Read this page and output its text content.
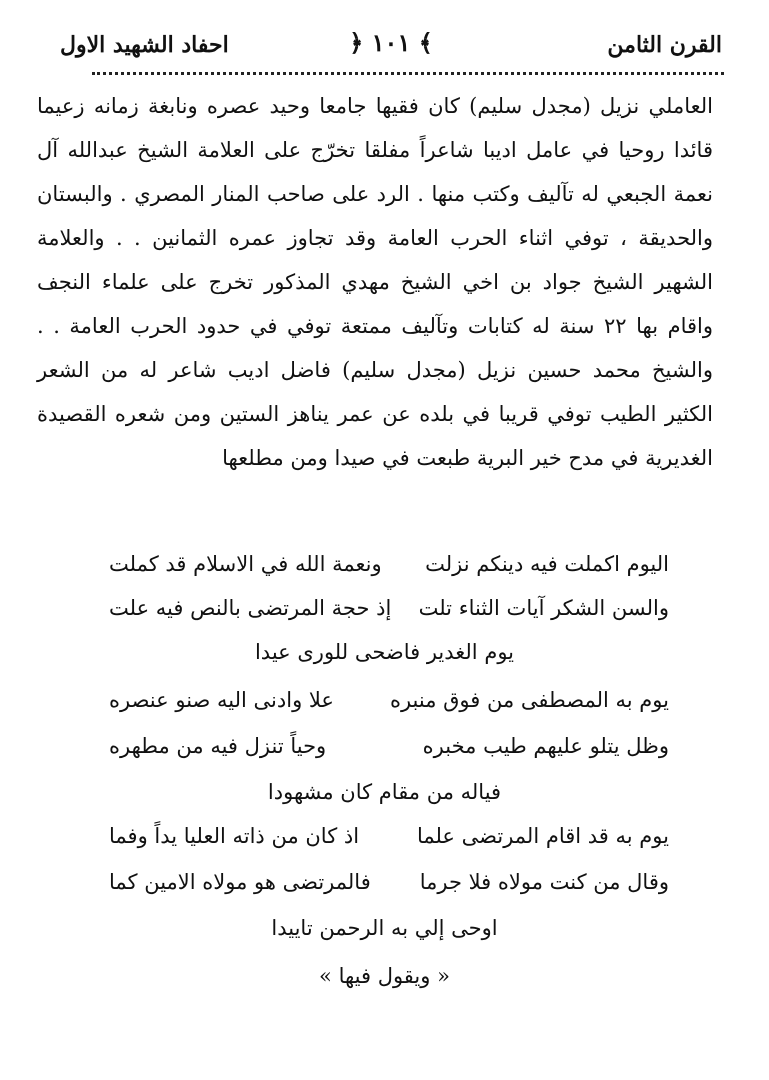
القرن الثامن
﴿ ١٠١ ﴾
احفاد الشهيد الاول

العاملي نزيل (مجدل سليم) كان فقيها جامعا وحيد عصره ونابغة زمانه زعيما قائدا روحيا في عامل اديبا شاعراً مفلقا تخرّج على العلامة الشيخ عبدالله آل نعمة الجبعي له تآليف وكتب منها . الرد على صاحب المنار المصري . والبستان والحديقة ، توفي اثناء الحرب العامة وقد تجاوز عمره الثمانين . . والعلامة الشهير الشيخ جواد بن اخي الشيخ مهدي المذكور تخرج على علماء النجف واقام بها ٢٢ سنة له كتابات وتآليف ممتعة توفي في حدود الحرب العامة . . والشيخ محمد حسين نزيل (مجدل سليم) فاضل اديب شاعر له من الشعر الكثير الطيب توفي قريبا في بلده عن عمر يناهز الستين ومن شعره القصيدة الغديرية في مدح خير البرية طبعت في صيدا ومن مطلعها

اليوم اكملت فيه دينكم نزلت
ونعمة الله في الاسلام قد كملت
والسن الشكر آيات الثناء تلت
إذ حجة المرتضى بالنص فيه علت
يوم الغدير فاضحى للورى عيدا
يوم به المصطفى من فوق منبره
علا وادنى اليه صنو عنصره
وظل يتلو عليهم طيب مخبره
وحياً تنزل فيه من مطهره
فياله من مقام كان مشهودا
يوم به قد اقام المرتضى علما
اذ كان من ذاته العليا يداً وفما
وقال من كنت مولاه فلا جرما
فالمرتضى هو مولاه الامين كما
اوحى إلي به الرحمن تاييدا
« ويقول فيها »
